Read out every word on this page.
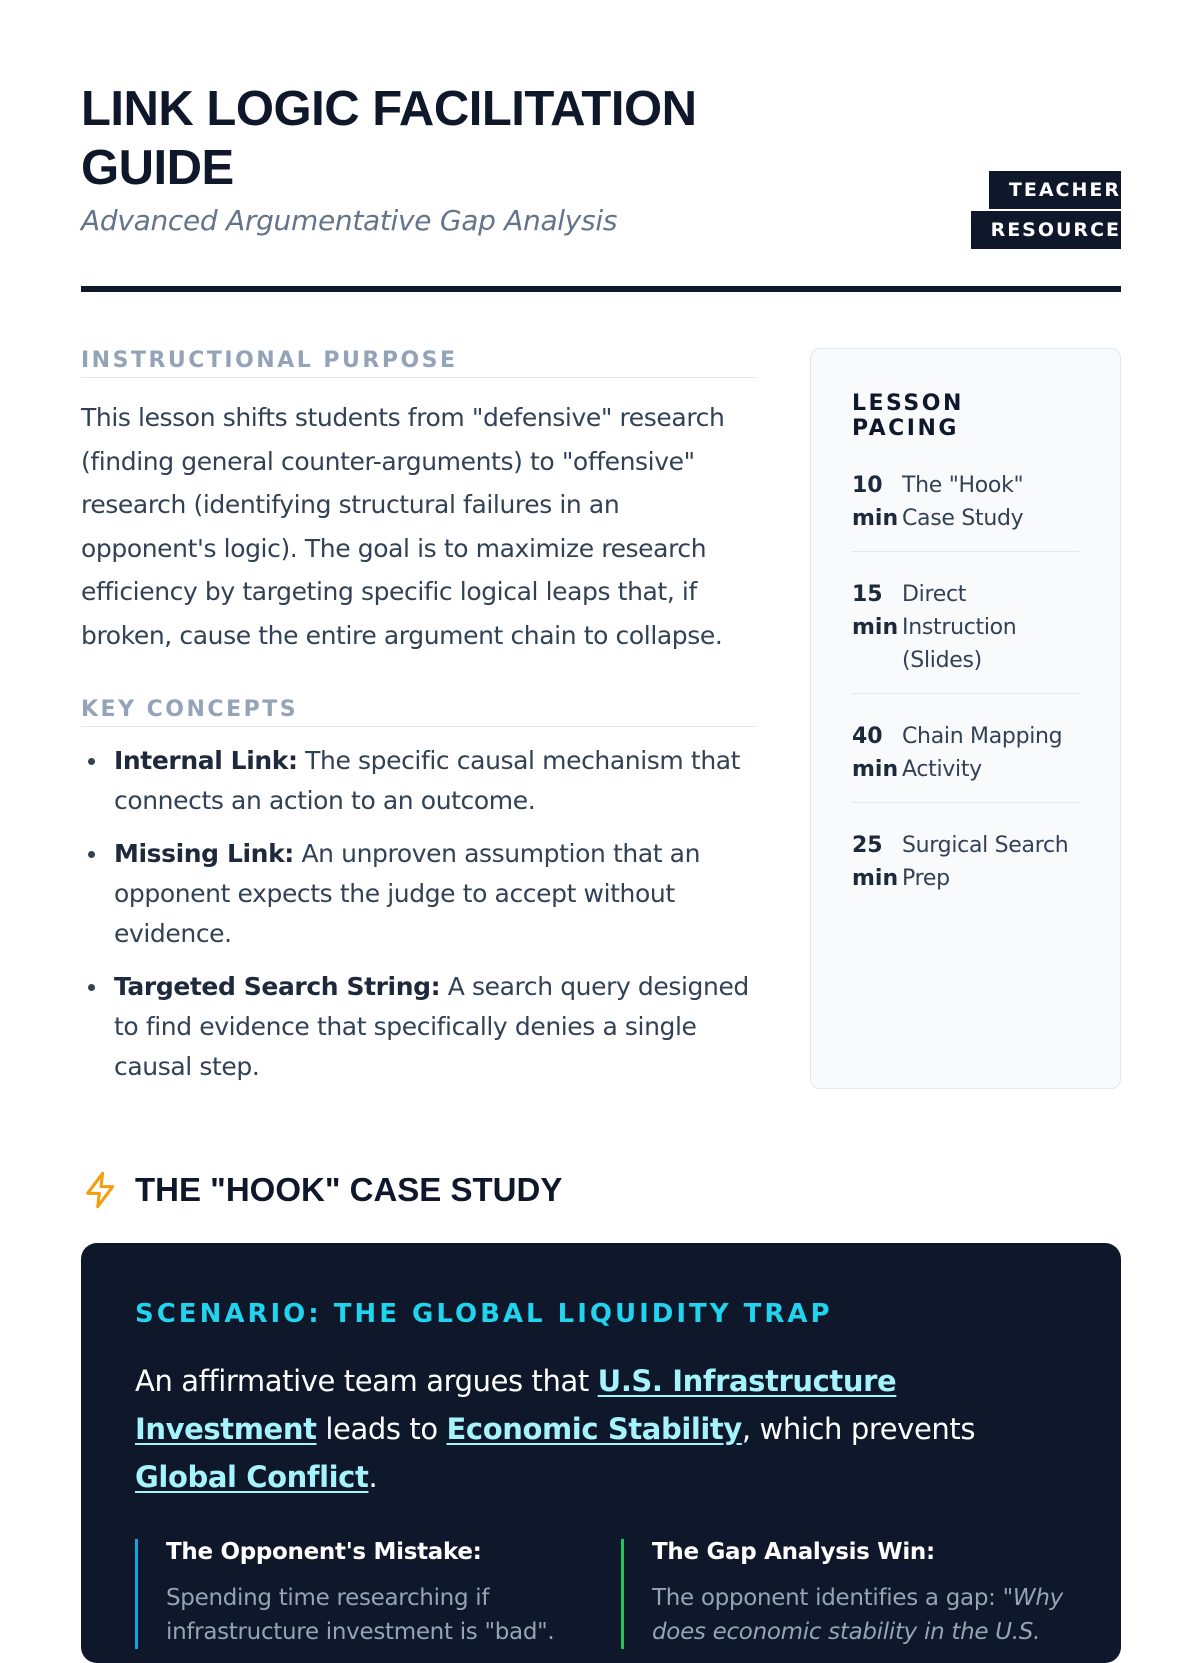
LINK LOGIC FACILITATION GUIDE
Advanced Argumentative Gap Analysis
TEACHER RESOURCE
INSTRUCTIONAL PURPOSE

This lesson shifts students from "defensive" research (finding general counter-arguments) to "offensive" research (identifying structural failures in an opponent's logic). The goal is to maximize research efficiency by targeting specific logical leaps that, if broken, cause the entire argument chain to collapse.

KEY CONCEPTS
Internal Link: The specific causal mechanism that connects an action to an outcome.
Missing Link: An unproven assumption that an opponent expects the judge to accept without evidence.
Targeted Search String: A search query designed to find evidence that specifically denies a single causal step.
LESSON PACING
10 min
The "Hook" Case Study
15 min
Direct Instruction (Slides)
40 min
Chain Mapping Activity
25 min
Surgical Search Prep
THE "HOOK" CASE STUDY
SCENARIO: THE GLOBAL LIQUIDITY TRAP

An affirmative team argues that U.S. Infrastructure Investment leads to Economic Stability, which prevents Global Conflict.

The Opponent's Mistake:

Spending time researching if infrastructure investment is "bad".

The Gap Analysis Win:

The opponent identifies a gap: "Why does economic stability in the U.S.
